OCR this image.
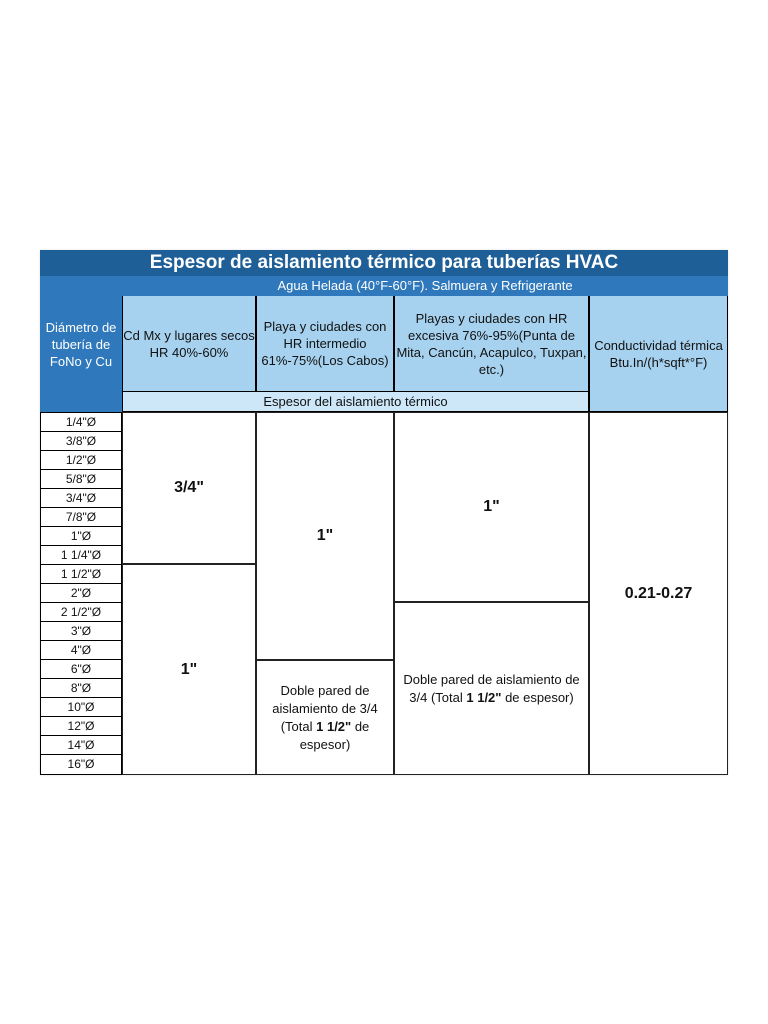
Espesor de aislamiento térmico para tuberías HVAC
Agua Helada (40°F-60°F). Salmuera y Refrigerante
Diámetro de tubería de FoNo y Cu
Cd Mx y lugares secos HR 40%-60%
Playa y ciudades con HR intermedio 61%-75%(Los Cabos)
Playas y ciudades con HR excesiva 76%-95%(Punta de Mita, Cancún, Acapulco, Tuxpan, etc.)
Conductividad térmica Btu.In/(h*sqft*°F)
Espesor del aislamiento térmico
1/4"Ø
3/8"Ø
1/2"Ø
5/8"Ø
3/4"Ø
7/8"Ø
1"Ø
1 1/4"Ø
1 1/2"Ø
2"Ø
2 1/2"Ø
3"Ø
4"Ø
6"Ø
8"Ø
10"Ø
12"Ø
14"Ø
16"Ø
3/4"
1"
1"
Doble pared de aislamiento de 3/4 (Total 1 1/2" de espesor)
1"
Doble pared de aislamiento de 3/4 (Total 1 1/2" de espesor)
0.21-0.27
